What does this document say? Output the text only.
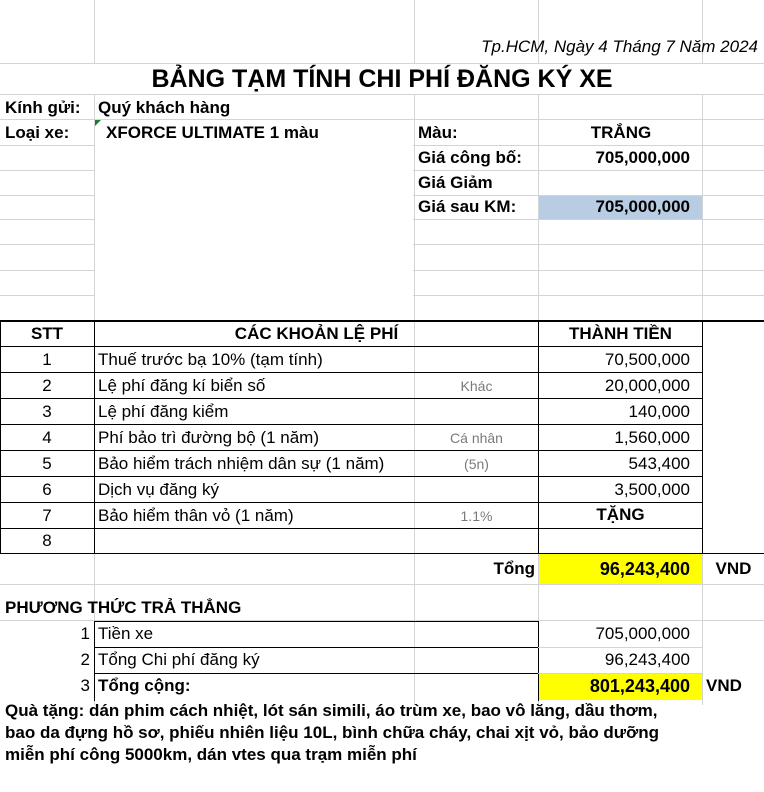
Tp.HCM, Ngày 4 Tháng 7 Năm 2024
BẢNG TẠM TÍNH CHI PHÍ ĐĂNG KÝ XE
Kính gửi: Quý khách hàng
Loại xe: XFORCE ULTIMATE 1 màu	Màu:	TRẮNG
Giá công bố:	705,000,000
Giá Giảm
Giá sau KM:	705,000,000
STT	CÁC KHOẢN LỆ PHÍ	THÀNH TIỀN
1	Thuế trước bạ 10% (tạm tính)	70,500,000
2	Lệ phí đăng kí biển số	Khác	20,000,000
3	Lệ phí đăng kiểm	140,000
4	Phí bảo trì đường bộ (1 năm)	Cá nhân	1,560,000
5	Bảo hiểm trách nhiệm dân sự (1 năm)	(5n)	543,400
6	Dịch vụ đăng ký	3,500,000
7	Bảo hiểm thân vỏ (1 năm)	1.1%	TẶNG
8
Tổng	96,243,400	VND
PHƯƠNG THỨC TRẢ THẲNG
1 Tiền xe	705,000,000
2 Tổng Chi phí đăng ký	96,243,400
3 Tổng cộng:	801,243,400 VND
Quà tặng: dán phim cách nhiệt, lót sán simili, áo trùm xe, bao vô lăng, dầu thơm,
bao da đựng hồ sơ, phiếu nhiên liệu 10L, bình chữa cháy, chai xịt vỏ, bảo dưỡng
miễn phí công 5000km, dán vtes qua trạm miễn phí
